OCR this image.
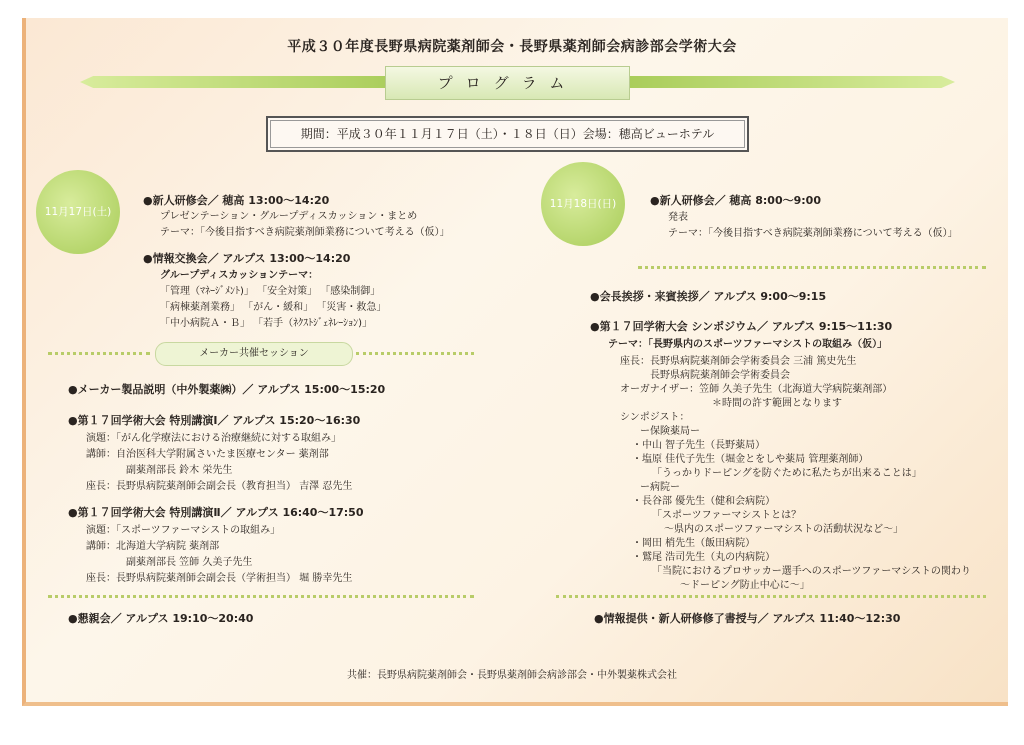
平成３０年度長野県病院薬剤師会・長野県薬剤師会病診部会学術大会
プログラム
期間：平成３０年１１月１７日（土）・１８日（日）会場：穂高ビューホテル
11月17日(土)
●新人研修会／ 穂高 13:00〜14:20
プレゼンテーション・グループディスカッション・まとめ
テーマ：「今後目指すべき病院薬剤師業務について考える（仮）」
●情報交換会／ アルプス 13:00〜14:20
グループディスカッションテーマ：
「管理（ﾏﾈｰｼﾞﾒﾝﾄ)」 「安全対策」 「感染制御」
「病棟薬剤業務」 「がん・緩和」 「災害・救急」
「中小病院Ａ・Ｂ」 「若手（ﾈｸｽﾄｼﾞｪﾈﾚｰｼｮﾝ)」
メーカー共催セッション
●メーカー製品説明（中外製薬㈱）／ アルプス 15:00〜15:20
●第１７回学術大会 特別講演Ⅰ／ アルプス 15:20〜16:30
演題：「がん化学療法における治療継続に対する取組み」
講師：自治医科大学附属さいたま医療センター 薬剤部
副薬剤部長 鈴木 栄先生
座長：長野県病院薬剤師会副会長（教育担当） 吉澤 忍先生
●第１７回学術大会 特別講演Ⅱ／ アルプス 16:40〜17:50
演題：「スポーツファーマシストの取組み」
講師：北海道大学病院 薬剤部
副薬剤部長 笠師 久美子先生
座長：長野県病院薬剤師会副会長（学術担当） 堀 勝幸先生
●懇親会／ アルプス 19:10〜20:40
11月18日(日)	●新人研修会／ 穂高 8:00〜9:00
発表
テーマ：「今後目指すべき病院薬剤師業務について考える（仮）」
●会長挨拶・来賓挨拶／ アルプス 9:00〜9:15
●第１７回学術大会 シンポジウム／ アルプス 9:15〜11:30
テーマ：「長野県内のスポーツファーマシストの取組み（仮）」
座長：長野県病院薬剤師会学術委員会 三浦 篤史先生
長野県病院薬剤師会学術委員会
オーガナイザー：笠師 久美子先生（北海道大学病院薬剤部）
＊時間の許す範囲となります
シンポジスト：
ー保険薬局ー
・中山 智子先生（長野薬局）
・塩原 佳代子先生（堀金とをしや薬局 管理薬剤師）
「うっかりドーピングを防ぐために私たちが出来ることは」
ー病院ー
・長谷部 優先生（健和会病院）
「スポーツファーマシストとは？
〜県内のスポーツファーマシストの活動状況など〜」
・岡田 梢先生（飯田病院）
・鷲尾 浩司先生（丸の内病院）
「当院におけるプロサッカー選手へのスポーツファーマシストの関わり
〜ドーピング防止中心に〜」
●情報提供・新人研修修了書授与／ アルプス 11:40〜12:30
共催：長野県病院薬剤師会・長野県薬剤師会病診部会・中外製薬株式会社
